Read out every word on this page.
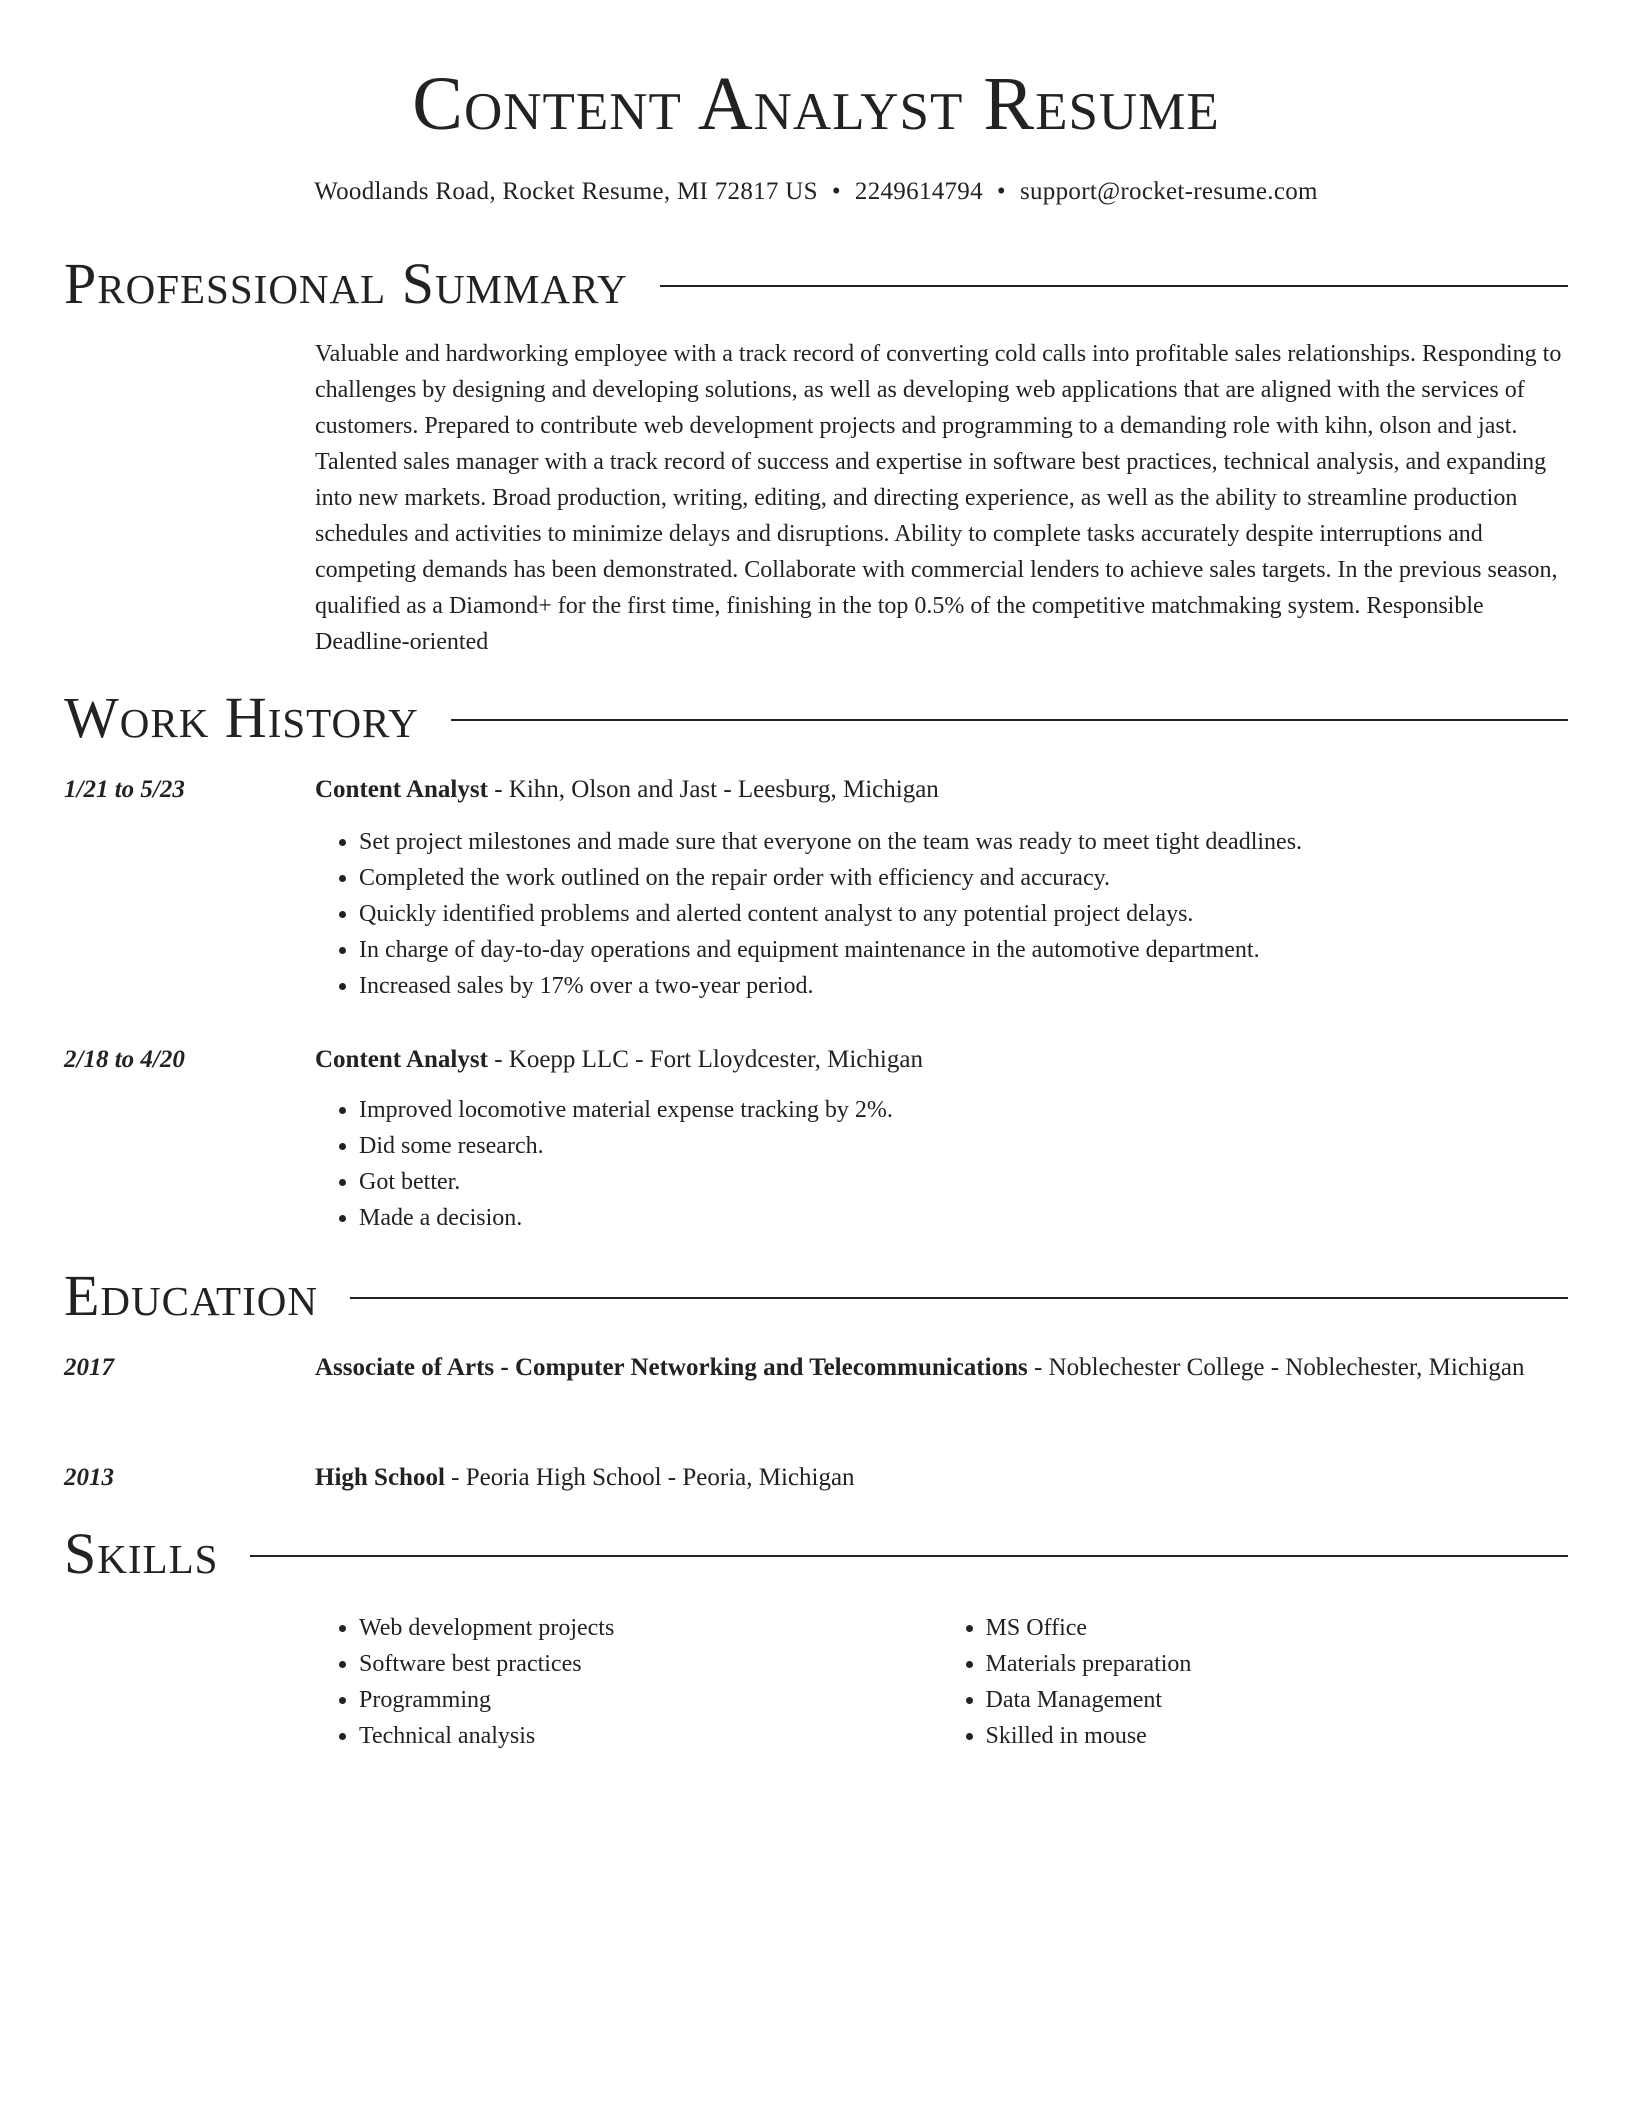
Content Analyst Resume
Woodlands Road, Rocket Resume, MI 72817 US • 2249614794 • support@rocket-resume.com
Professional Summary
Valuable and hardworking employee with a track record of converting cold calls into profitable sales relationships. Responding to challenges by designing and developing solutions, as well as developing web applications that are aligned with the services of customers. Prepared to contribute web development projects and programming to a demanding role with kihn, olson and jast. Talented sales manager with a track record of success and expertise in software best practices, technical analysis, and expanding into new markets. Broad production, writing, editing, and directing experience, as well as the ability to streamline production schedules and activities to minimize delays and disruptions. Ability to complete tasks accurately despite interruptions and competing demands has been demonstrated. Collaborate with commercial lenders to achieve sales targets. In the previous season, qualified as a Diamond+ for the first time, finishing in the top 0.5% of the competitive matchmaking system. Responsible Deadline-oriented
Work History
1/21 to 5/23	Content Analyst - Kihn, Olson and Jast - Leesburg, Michigan
• Set project milestones and made sure that everyone on the team was ready to meet tight deadlines.
• Completed the work outlined on the repair order with efficiency and accuracy.
• Quickly identified problems and alerted content analyst to any potential project delays.
• In charge of day-to-day operations and equipment maintenance in the automotive department.
• Increased sales by 17% over a two-year period.
2/18 to 4/20	Content Analyst - Koepp LLC - Fort Lloydcester, Michigan
• Improved locomotive material expense tracking by 2%.
• Did some research.
• Got better.
• Made a decision.
Education
2017	Associate of Arts - Computer Networking and Telecommunications - Noblechester College - Noblechester, Michigan
2013	High School - Peoria High School - Peoria, Michigan
Skills
• Web development projects
• Software best practices
• Programming
• Technical analysis
• MS Office
• Materials preparation
• Data Management
• Skilled in mouse
